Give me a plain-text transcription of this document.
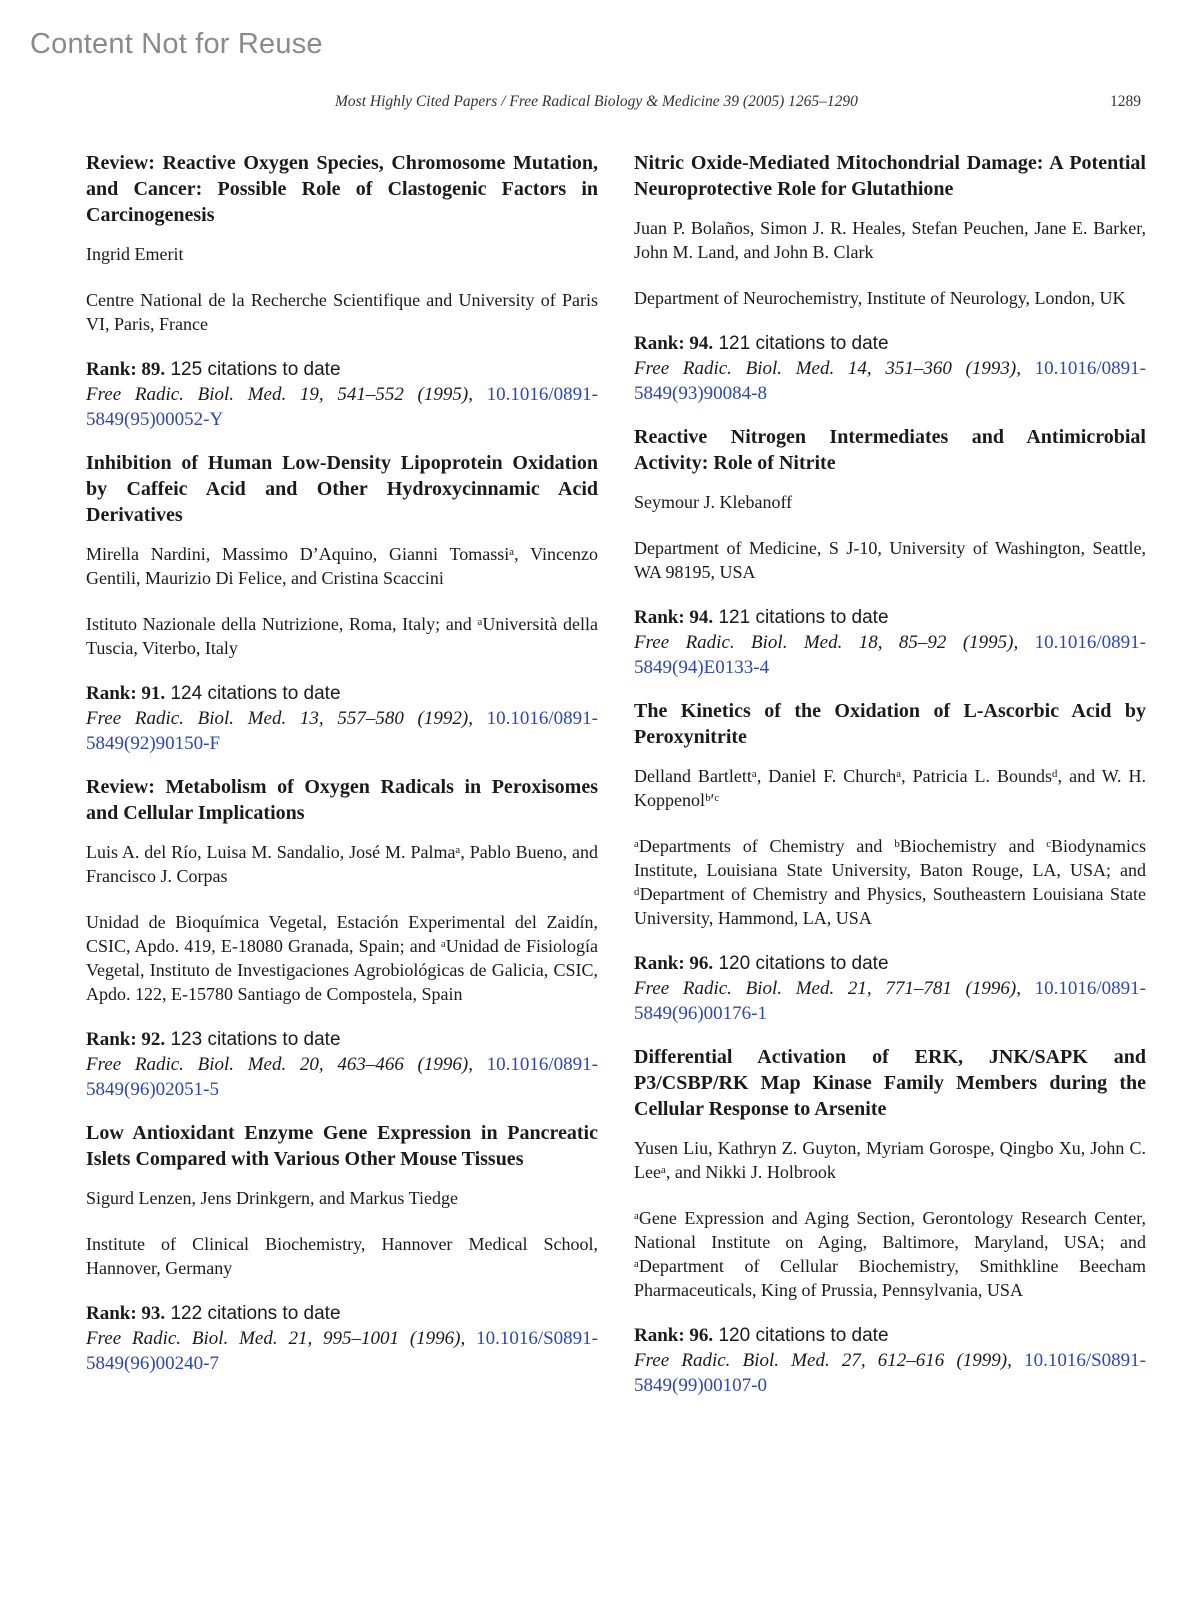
Content Not for Reuse
Most Highly Cited Papers / Free Radical Biology & Medicine 39 (2005) 1265–1290	1289

Review: Reactive Oxygen Species, Chromosome Mutation, and Cancer: Possible Role of Clastogenic Factors in Carcinogenesis

Ingrid Emerit

Centre National de la Recherche Scientifique and University of Paris VI, Paris, France

Rank: 89. 125 citations to date

Free Radic. Biol. Med. 19, 541–552 (1995), 10.1016/0891-5849(95)00052-Y

Inhibition of Human Low-Density Lipoprotein Oxidation by Caffeic Acid and Other Hydroxycinnamic Acid Derivatives

Mirella Nardini, Massimo D’Aquino, Gianni Tomassiᵃ, Vincenzo Gentili, Maurizio Di Felice, and Cristina Scaccini

Istituto Nazionale della Nutrizione, Roma, Italy; and ᵃUniversità della Tuscia, Viterbo, Italy

Rank: 91. 124 citations to date

Free Radic. Biol. Med. 13, 557–580 (1992), 10.1016/0891-5849(92)90150-F

Review: Metabolism of Oxygen Radicals in Peroxisomes and Cellular Implications

Luis A. del Río, Luisa M. Sandalio, José M. Palmaᵃ, Pablo Bueno, and Francisco J. Corpas

Unidad de Bioquímica Vegetal, Estación Experimental del Zaidín, CSIC, Apdo. 419, E-18080 Granada, Spain; and ᵃUnidad de Fisiología Vegetal, Instituto de Investigaciones Agrobiológicas de Galicia, CSIC, Apdo. 122, E-15780 Santiago de Compostela, Spain

Rank: 92. 123 citations to date

Free Radic. Biol. Med. 20, 463–466 (1996), 10.1016/0891-5849(96)02051-5

Low Antioxidant Enzyme Gene Expression in Pancreatic Islets Compared with Various Other Mouse Tissues

Sigurd Lenzen, Jens Drinkgern, and Markus Tiedge

Institute of Clinical Biochemistry, Hannover Medical School, Hannover, Germany

Rank: 93. 122 citations to date

Free Radic. Biol. Med. 21, 995–1001 (1996), 10.1016/S0891-5849(96)00240-7

Nitric Oxide-Mediated Mitochondrial Damage: A Potential Neuroprotective Role for Glutathione

Juan P. Bolaños, Simon J. R. Heales, Stefan Peuchen, Jane E. Barker, John M. Land, and John B. Clark

Department of Neurochemistry, Institute of Neurology, London, UK

Rank: 94. 121 citations to date

Free Radic. Biol. Med. 14, 351–360 (1993), 10.1016/0891-5849(93)90084-8

Reactive Nitrogen Intermediates and Antimicrobial Activity: Role of Nitrite

Seymour J. Klebanoff

Department of Medicine, S J-10, University of Washington, Seattle, WA 98195, USA

Rank: 94. 121 citations to date

Free Radic. Biol. Med. 18, 85–92 (1995), 10.1016/0891-5849(94)E0133-4

The Kinetics of the Oxidation of L-Ascorbic Acid by Peroxynitrite

Delland Bartlettᵃ, Daniel F. Churchᵃ, Patricia L. Boundsᵈ, and W. H. Koppenolᵇʹᶜ

ᵃDepartments of Chemistry and ᵇBiochemistry and ᶜBiodynamics Institute, Louisiana State University, Baton Rouge, LA, USA; and ᵈDepartment of Chemistry and Physics, Southeastern Louisiana State University, Hammond, LA, USA

Rank: 96. 120 citations to date

Free Radic. Biol. Med. 21, 771–781 (1996), 10.1016/0891-5849(96)00176-1

Differential Activation of ERK, JNK/SAPK and P3/CSBP/RK Map Kinase Family Members during the Cellular Response to Arsenite

Yusen Liu, Kathryn Z. Guyton, Myriam Gorospe, Qingbo Xu, John C. Leeᵃ, and Nikki J. Holbrook

ᵃGene Expression and Aging Section, Gerontology Research Center, National Institute on Aging, Baltimore, Maryland, USA; and ᵃDepartment of Cellular Biochemistry, Smithkline Beecham Pharmaceuticals, King of Prussia, Pennsylvania, USA

Rank: 96. 120 citations to date

Free Radic. Biol. Med. 27, 612–616 (1999), 10.1016/S0891-5849(99)00107-0
